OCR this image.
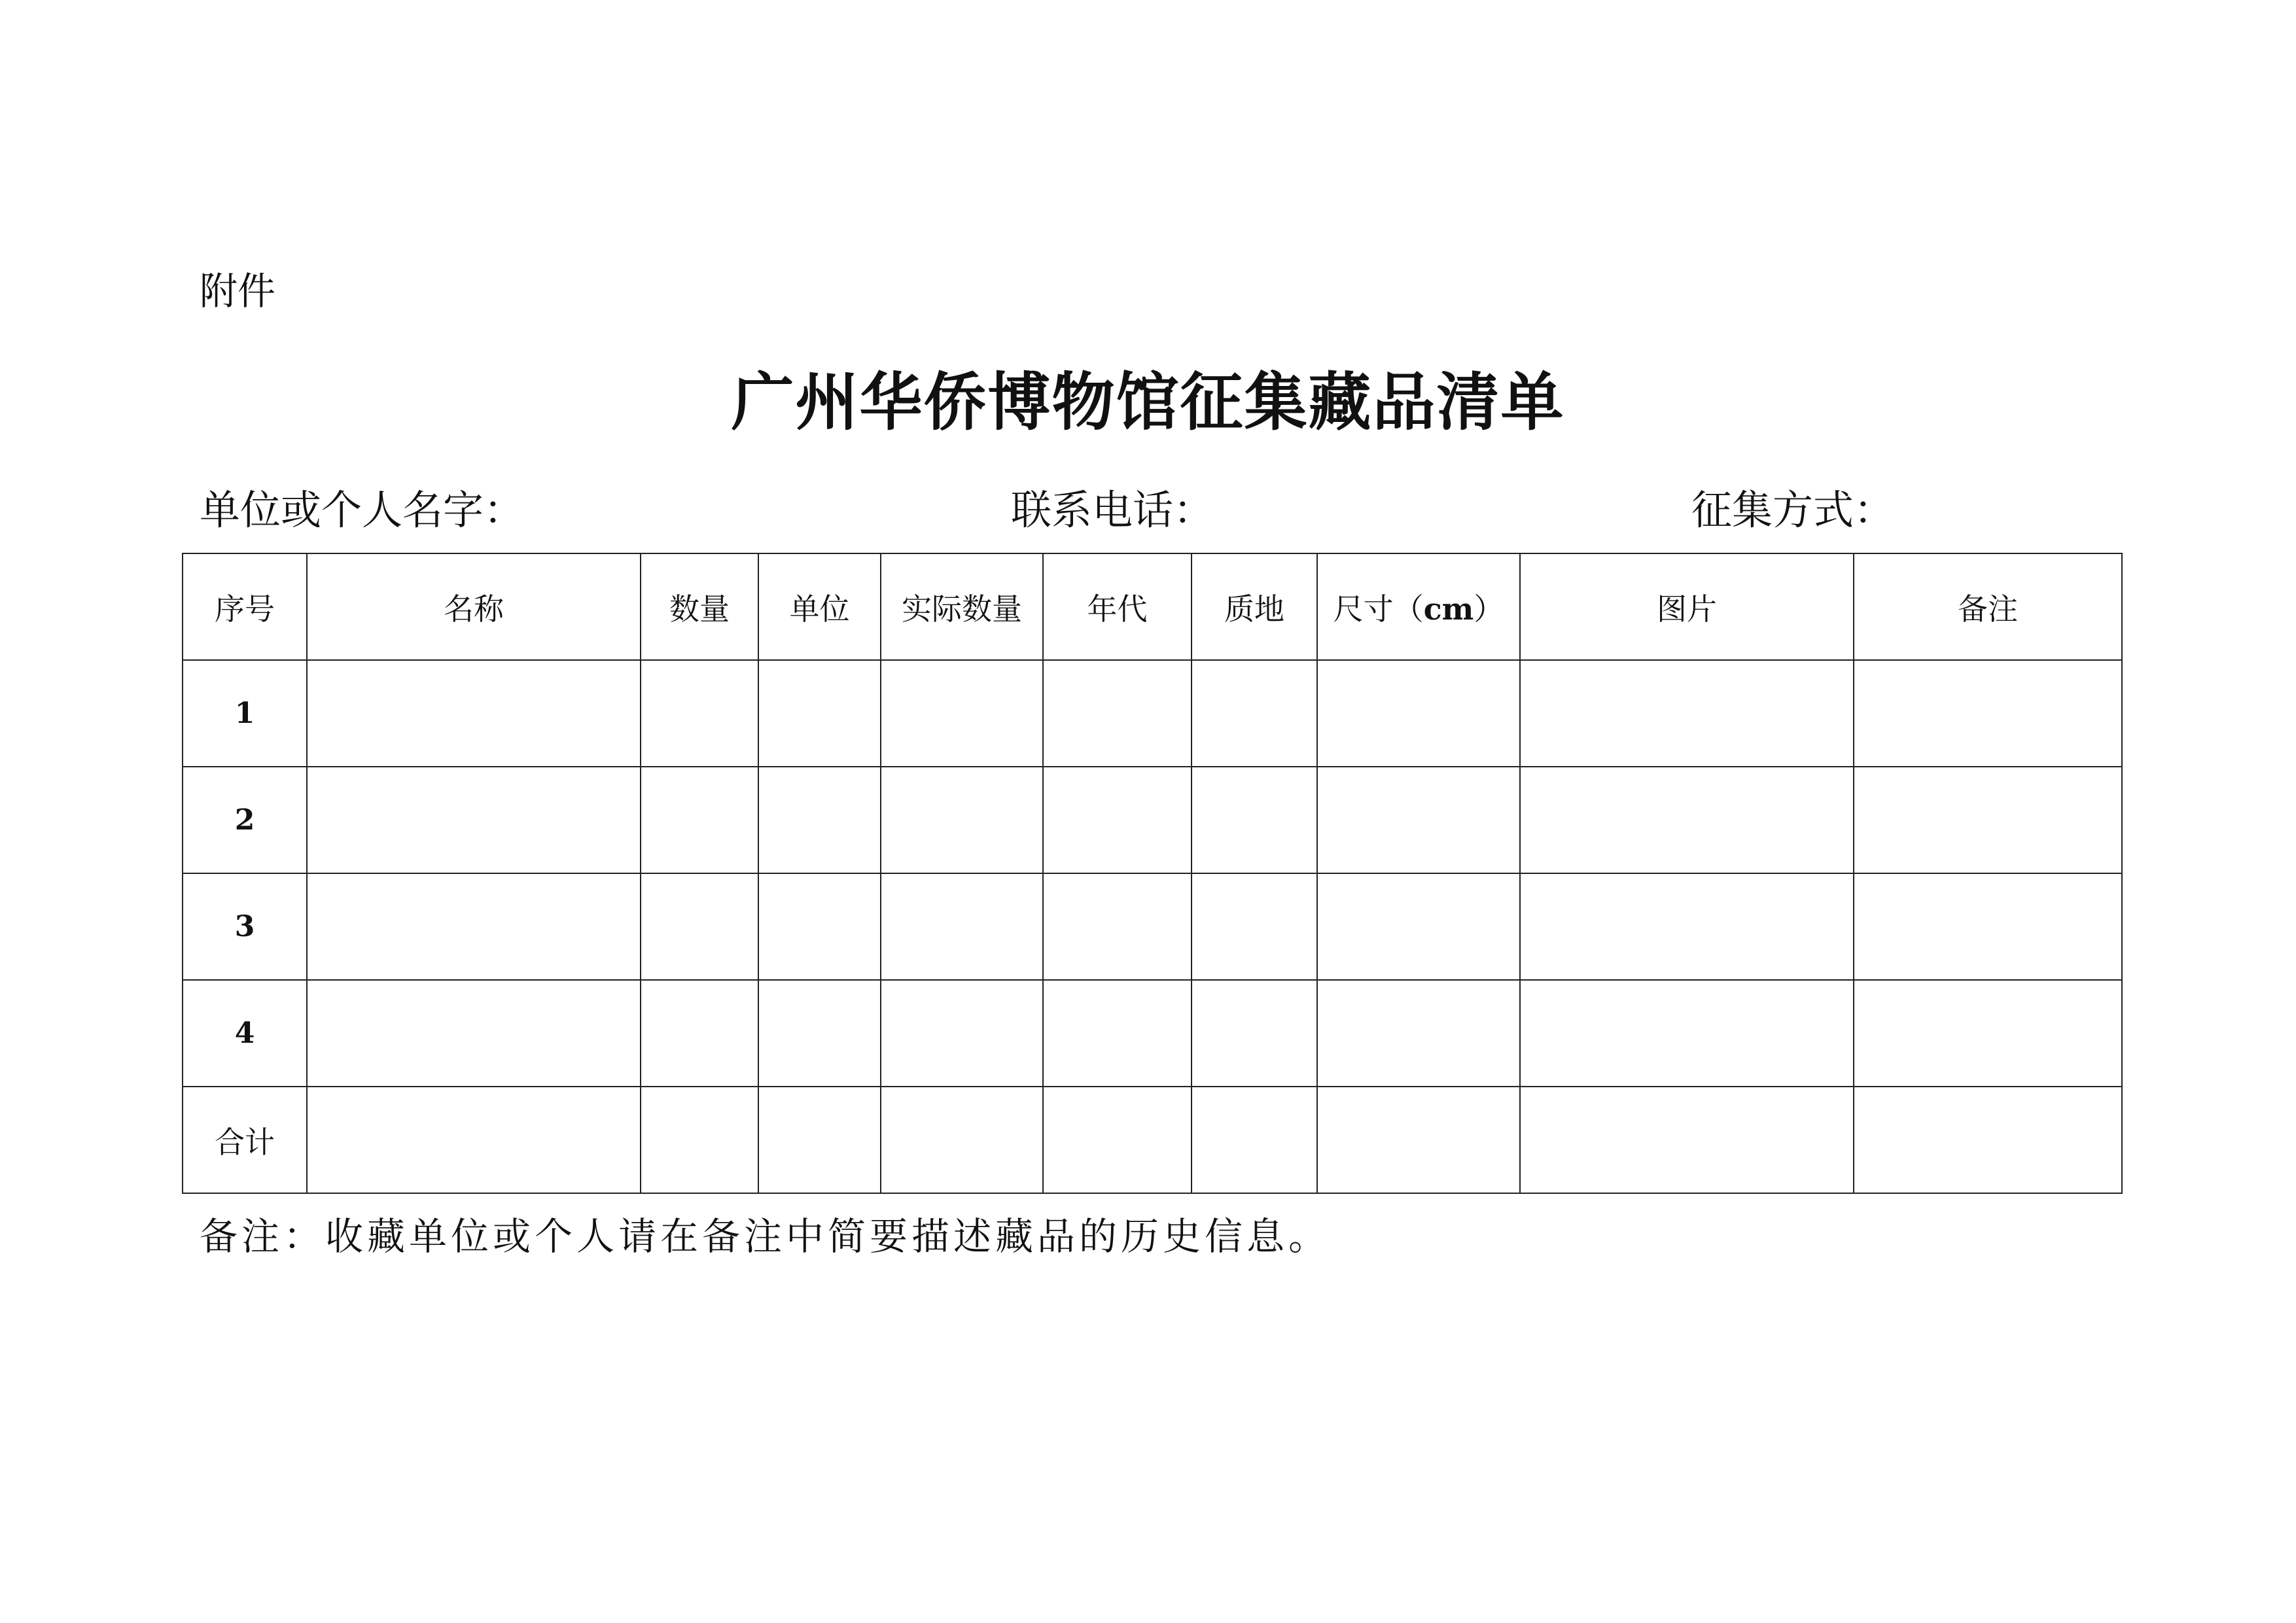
附件
广州华侨博物馆征集藏品清单
单位或个人名字：	联系电话：	征集方式：
序号	名称	数量	单位	实际数量	年代	质地	尺寸（cm）	图片	备注
1									
2									
3									
4									
合计									
备注：收藏单位或个人请在备注中简要描述藏品的历史信息。
